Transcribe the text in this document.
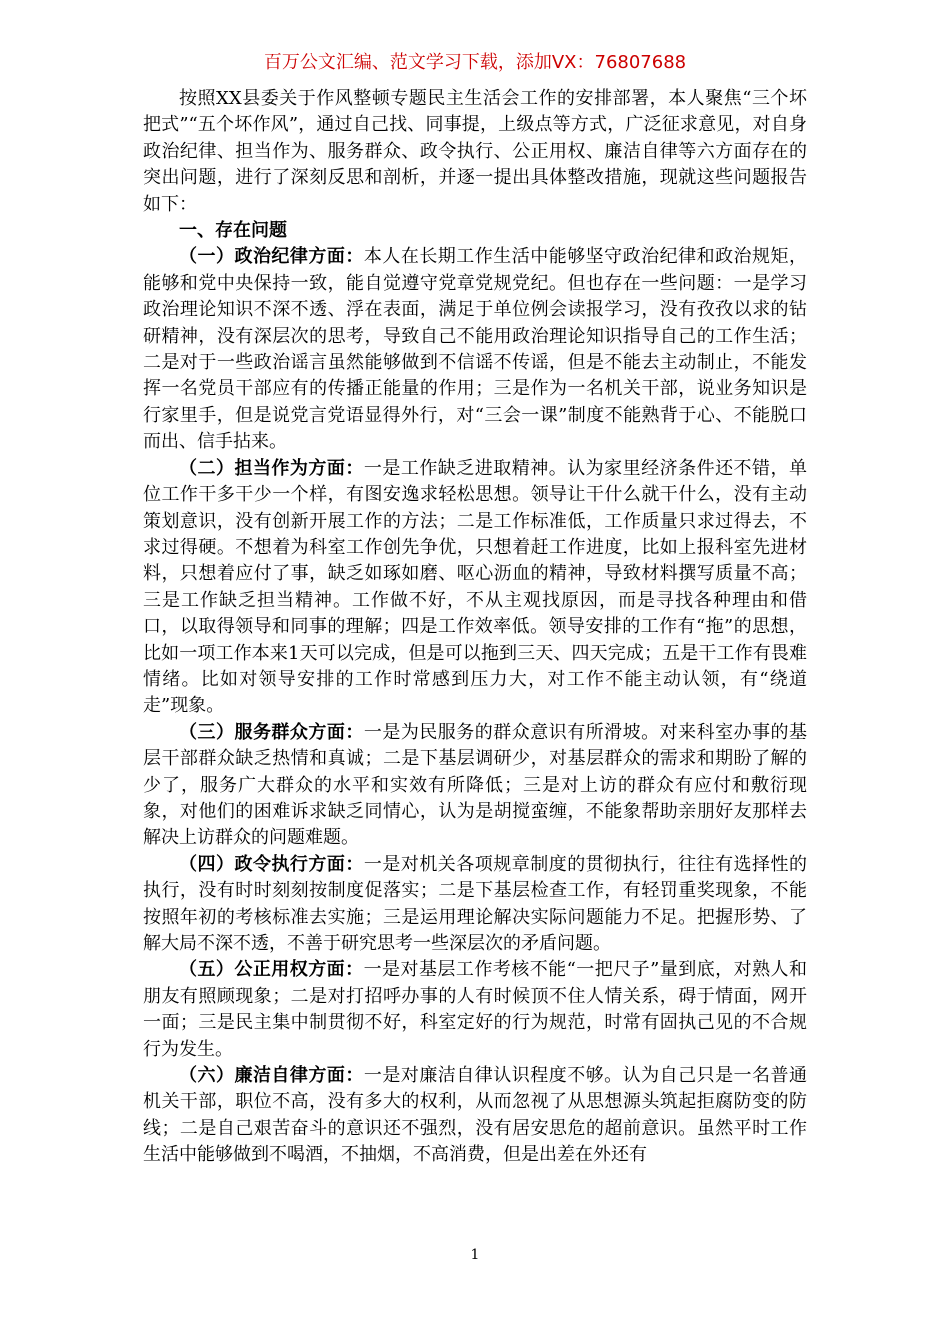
百万公文汇编、范文学习下载，添加VX：76807688

按照XX县委关于作风整顿专题民主生活会工作的安排部署，本人聚焦“三个坏把式”“五个坏作风”，通过自己找、同事提，上级点等方式，广泛征求意见，对自身政治纪律、担当作为、服务群众、政令执行、公正用权、廉洁自律等六方面存在的突出问题，进行了深刻反思和剖析，并逐一提出具体整改措施，现就这些问题报告如下：

一、存在问题

（一）政治纪律方面：本人在长期工作生活中能够坚守政治纪律和政治规矩，能够和党中央保持一致，能自觉遵守党章党规党纪。但也存在一些问题：一是学习政治理论知识不深不透、浮在表面，满足于单位例会读报学习，没有孜孜以求的钻研精神，没有深层次的思考，导致自己不能用政治理论知识指导自己的工作生活；二是对于一些政治谣言虽然能够做到不信谣不传谣，但是不能去主动制止，不能发挥一名党员干部应有的传播正能量的作用；三是作为一名机关干部，说业务知识是行家里手，但是说党言党语显得外行，对“三会一课”制度不能熟背于心、不能脱口而出、信手拈来。

（二）担当作为方面：一是工作缺乏进取精神。认为家里经济条件还不错，单位工作干多干少一个样，有图安逸求轻松思想。领导让干什么就干什么，没有主动策划意识，没有创新开展工作的方法；二是工作标准低，工作质量只求过得去，不求过得硬。不想着为科室工作创先争优，只想着赶工作进度，比如上报科室先进材料，只想着应付了事，缺乏如琢如磨、呕心沥血的精神，导致材料撰写质量不高；三是工作缺乏担当精神。工作做不好，不从主观找原因，而是寻找各种理由和借口，以取得领导和同事的理解；四是工作效率低。领导安排的工作有“拖”的思想，比如一项工作本来1天可以完成，但是可以拖到三天、四天完成；五是干工作有畏难情绪。比如对领导安排的工作时常感到压力大，对工作不能主动认领，有“绕道走”现象。

（三）服务群众方面：一是为民服务的群众意识有所滑坡。对来科室办事的基层干部群众缺乏热情和真诚；二是下基层调研少，对基层群众的需求和期盼了解的少了，服务广大群众的水平和实效有所降低；三是对上访的群众有应付和敷衍现象，对他们的困难诉求缺乏同情心，认为是胡搅蛮缠，不能象帮助亲朋好友那样去解决上访群众的问题难题。

（四）政令执行方面：一是对机关各项规章制度的贯彻执行，往往有选择性的执行，没有时时刻刻按制度促落实；二是下基层检查工作，有轻罚重奖现象，不能按照年初的考核标准去实施；三是运用理论解决实际问题能力不足。把握形势、了解大局不深不透，不善于研究思考一些深层次的矛盾问题。

（五）公正用权方面：一是对基层工作考核不能“一把尺子”量到底，对熟人和朋友有照顾现象；二是对打招呼办事的人有时候顶不住人情关系，碍于情面，网开一面；三是民主集中制贯彻不好，科室定好的行为规范，时常有固执己见的不合规行为发生。

（六）廉洁自律方面：一是对廉洁自律认识程度不够。认为自己只是一名普通机关干部，职位不高，没有多大的权利，从而忽视了从思想源头筑起拒腐防变的防线；二是自己艰苦奋斗的意识还不强烈，没有居安思危的超前意识。虽然平时工作生活中能够做到不喝酒，不抽烟，不高消费，但是出差在外还有

1
